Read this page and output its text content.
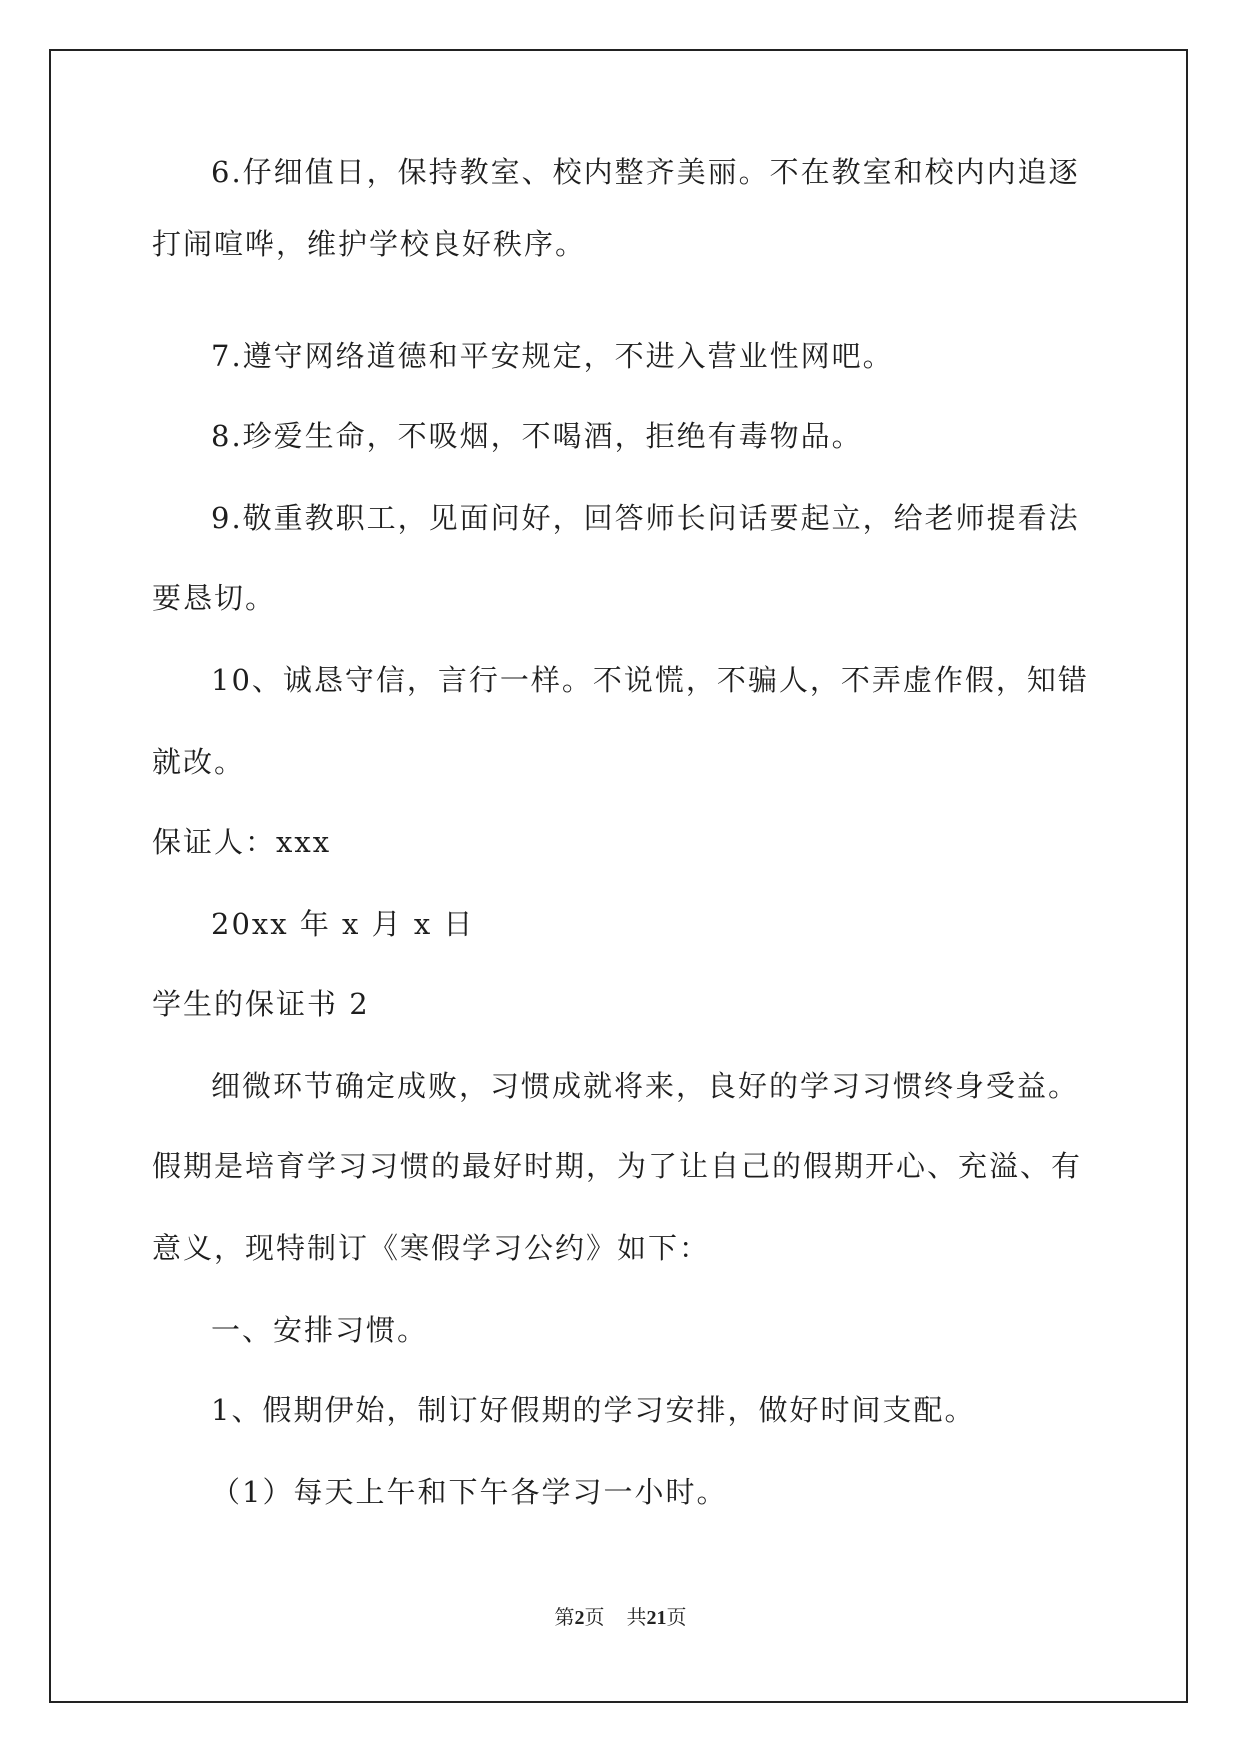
6.仔细值日，保持教室、校内整齐美丽。不在教室和校内内追逐
打闹喧哗，维护学校良好秩序。
7.遵守网络道德和平安规定，不进入营业性网吧。
8.珍爱生命，不吸烟，不喝酒，拒绝有毒物品。
9.敬重教职工，见面问好，回答师长问话要起立，给老师提看法
要恳切。
10、诚恳守信，言行一样。不说慌，不骗人，不弄虚作假，知错
就改。
保证人：xxx
20xx 年 x 月 x 日
学生的保证书 2
细微环节确定成败，习惯成就将来，良好的学习习惯终身受益。
假期是培育学习习惯的最好时期，为了让自己的假期开心、充溢、有
意义，现特制订《寒假学习公约》如下：
一、安排习惯。
1、假期伊始，制订好假期的学习安排，做好时间支配。
（1）每天上午和下午各学习一小时。
第2页 共21页
